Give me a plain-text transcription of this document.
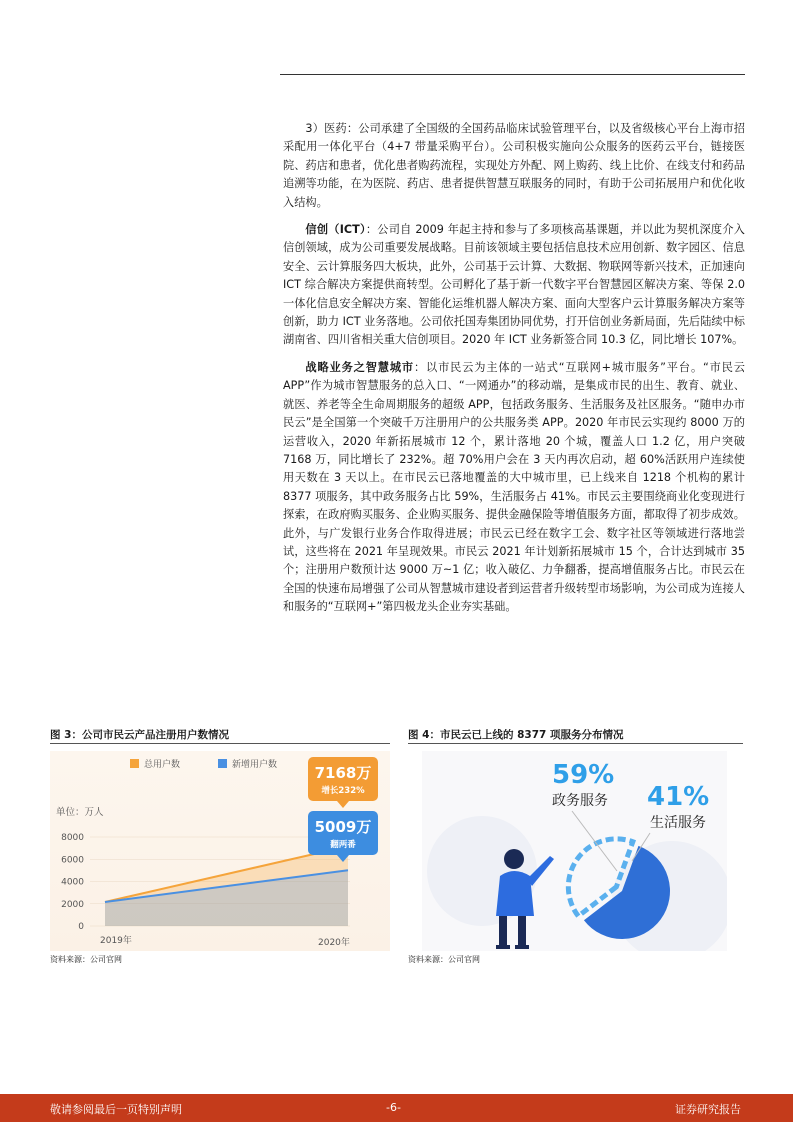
3）医药：公司承建了全国级的全国药品临床试验管理平台，以及省级核心平台上海市招采配用一体化平台（4+7 带量采购平台）。公司积极实施向公众服务的医药云平台，链接医院、药店和患者，优化患者购药流程，实现处方外配、网上购药、线上比价、在线支付和药品追溯等功能，在为医院、药店、患者提供智慧互联服务的同时，有助于公司拓展用户和优化收入结构。

信创（ICT）：公司自 2009 年起主持和参与了多项核高基课题，并以此为契机深度介入信创领域，成为公司重要发展战略。目前该领域主要包括信息技术应用创新、数字园区、信息安全、云计算服务四大板块，此外，公司基于云计算、大数据、物联网等新兴技术，正加速向 ICT 综合解决方案提供商转型。公司孵化了基于新一代数字平台智慧园区解决方案、等保 2.0 一体化信息安全解决方案、智能化运维机器人解决方案、面向大型客户云计算服务解决方案等创新，助力 ICT 业务落地。公司依托国寿集团协同优势，打开信创业务新局面，先后陆续中标湖南省、四川省相关重大信创项目。2020 年 ICT 业务新签合同 10.3 亿，同比增长 107%。

战略业务之智慧城市：以市民云为主体的一站式“互联网+城市服务”平台。“市民云 APP”作为城市智慧服务的总入口、“一网通办”的移动端，是集成市民的出生、教育、就业、就医、养老等全生命周期服务的超级 APP，包括政务服务、生活服务及社区服务。“随申办市民云”是全国第一个突破千万注册用户的公共服务类 APP。2020 年市民云实现约 8000 万的运营收入，2020 年新拓展城市 12 个，累计落地 20 个城，覆盖人口 1.2 亿，用户突破 7168 万，同比增长了 232%。超 70%用户会在 3 天内再次启动，超 60%活跃用户连续使用天数在 3 天以上。在市民云已落地覆盖的大中城市里，已上线来自 1218 个机构的累计 8377 项服务，其中政务服务占比 59%，生活服务占 41%。市民云主要围绕商业化变现进行探索，在政府购买服务、企业购买服务、提供金融保险等增值服务方面，都取得了初步成效。此外，与广发银行业务合作取得进展；市民云已经在数字工会、数字社区等领域进行落地尝试，这些将在 2021 年呈现效果。市民云 2021 年计划新拓展城市 15 个，合计达到城市 35 个；注册用户数预计达 9000 万~1 亿；收入破亿、力争翻番，提高增值服务占比。市民云在全国的快速布局增强了公司从智慧城市建设者到运营者升级转型市场影响，为公司成为连接人和服务的“互联网+”第四极龙头企业夯实基础。

图 3：公司市民云产品注册用户数情况
总用户数	新增用户数
单位：万人
8000
6000
4000
2000
0
2019年	2020年
7168万
增长232%
5009万
翻两番
资料来源：公司官网
图 4：市民云已上线的 8377 项服务分布情况
59%
政务服务 41%
生活服务
资料来源：公司官网
敬请参阅最后一页特别声明	-6-	证券研究报告
